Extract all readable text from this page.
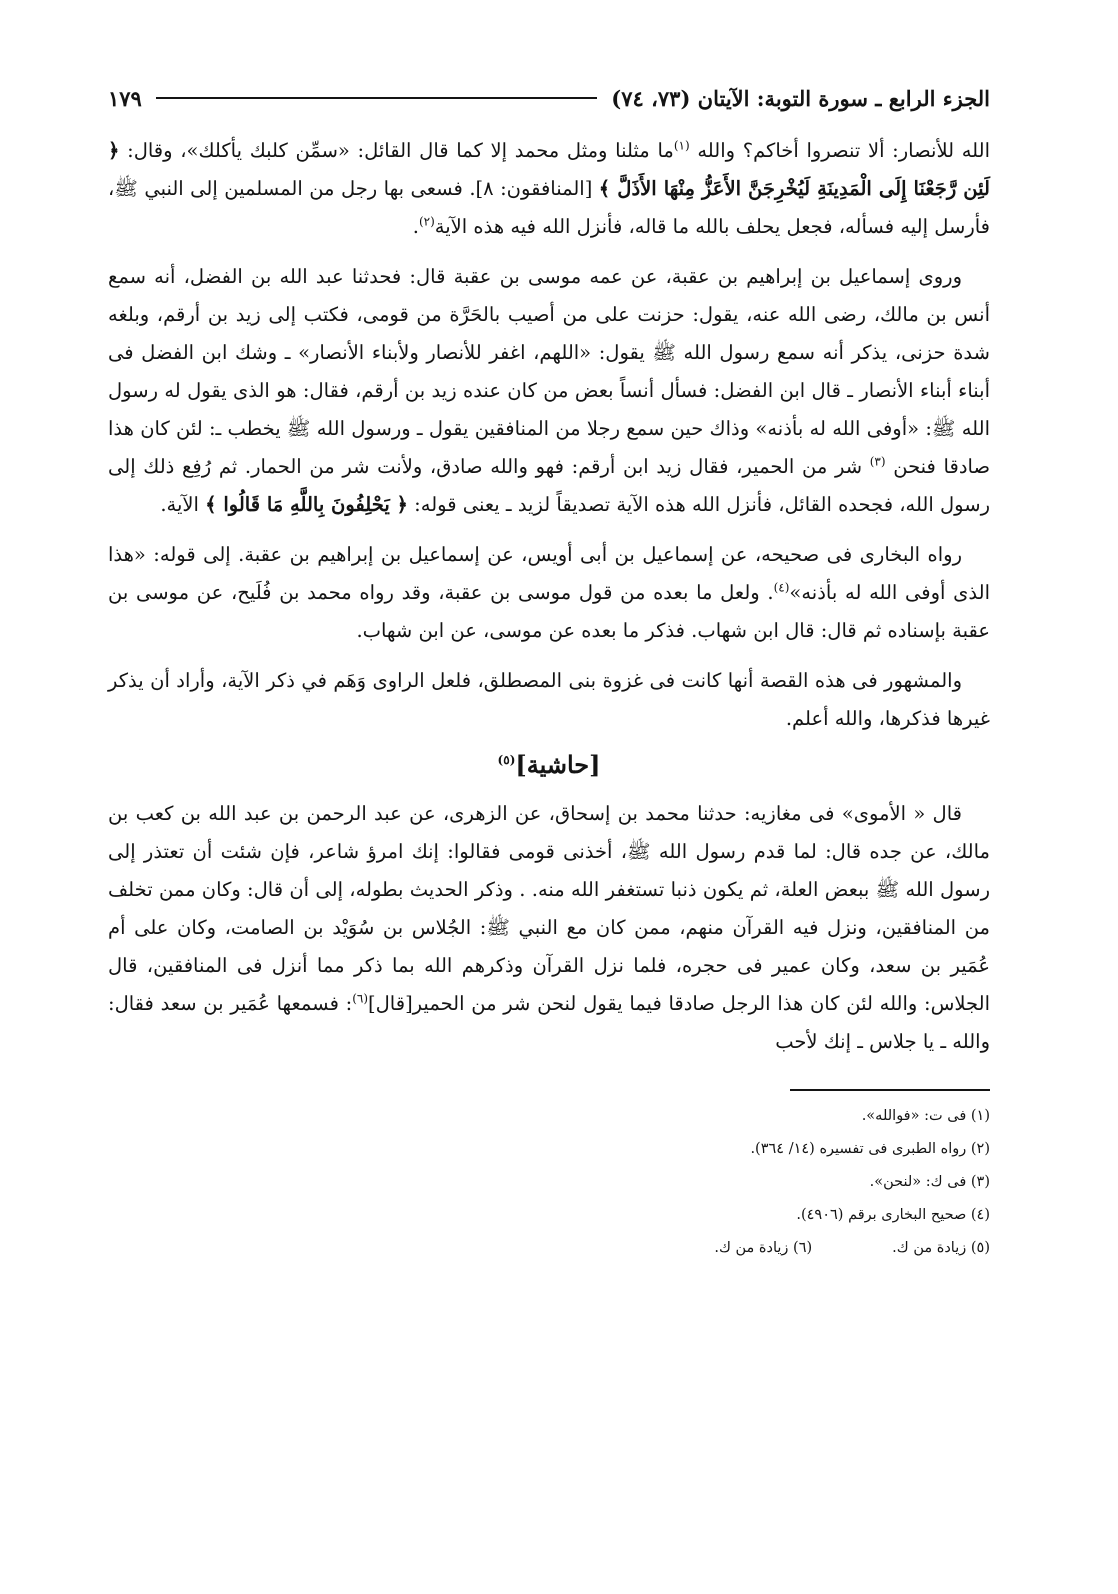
الجزء الرابع ـ سورة التوبة: الآيتان (٧٣، ٧٤)
١٧٩

الله للأنصار: ألا تنصروا أخاكم؟ والله $^{(١)}$ما مثلنا ومثل محمد إلا كما قال القائل: «سمِّن كلبك يأكلك»، وقال: ﴿ لَئِن رَّجَعْنَا إِلَى الْمَدِينَةِ لَيُخْرِجَنَّ الأَعَزُّ مِنْهَا الأَذَلَّ ﴾ [المنافقون: ٨]. فسعى بها رجل من المسلمين إلى النبي ﷺ، فأرسل إليه فسأله، فجعل يحلف بالله ما قاله، فأنزل الله فيه هذه الآية$^{(٢)}$.

وروى إسماعيل بن إبراهيم بن عقبة، عن عمه موسى بن عقبة قال: فحدثنا عبد الله بن الفضل، أنه سمع أنس بن مالك، رضى الله عنه، يقول: حزنت على من أصيب بالحَرَّة من قومى، فكتب إلى زيد بن أرقم، وبلغه شدة حزنى، يذكر أنه سمع رسول الله ﷺ يقول: «اللهم، اغفر للأنصار ولأبناء الأنصار» ـ وشك ابن الفضل فى أبناء أبناء الأنصار ـ قال ابن الفضل: فسأل أنساً بعض من كان عنده زيد بن أرقم، فقال: هو الذى يقول له رسول الله ﷺ: «أوفى الله له بأذنه» وذاك حين سمع رجلا من المنافقين يقول ـ ورسول الله ﷺ يخطب ـ: لئن كان هذا صادقا فنحن $^{(٣)}$ شر من الحمير، فقال زيد ابن أرقم: فهو والله صادق، ولأنت شر من الحمار. ثم رُفِع ذلك إلى رسول الله، فجحده القائل، فأنزل الله هذه الآية تصديقاً لزيد ـ يعنى قوله: ﴿ يَحْلِفُونَ بِاللَّهِ مَا قَالُوا ﴾ الآية.

رواه البخارى فى صحيحه، عن إسماعيل بن أبى أويس، عن إسماعيل بن إبراهيم بن عقبة. إلى قوله: «هذا الذى أوفى الله له بأذنه»$^{(٤)}$. ولعل ما بعده من قول موسى بن عقبة، وقد رواه محمد بن فُلَيح، عن موسى بن عقبة بإسناده ثم قال: قال ابن شهاب. فذكر ما بعده عن موسى، عن ابن شهاب.

والمشهور فى هذه القصة أنها كانت فى غزوة بنى المصطلق، فلعل الراوى وَهَم في ذكر الآية، وأراد أن يذكر غيرها فذكرها، والله أعلم.

[حاشية]$^{(٥)}$

قال « الأموى» فى مغازيه: حدثنا محمد بن إسحاق، عن الزهرى، عن عبد الرحمن بن عبد الله بن كعب بن مالك، عن جده قال: لما قدم رسول الله ﷺ، أخذنى قومى فقالوا: إنك امرؤ شاعر، فإن شئت أن تعتذر إلى رسول الله ﷺ ببعض العلة، ثم يكون ذنبا تستغفر الله منه. . وذكر الحديث بطوله، إلى أن قال: وكان ممن تخلف من المنافقين، ونزل فيه القرآن منهم، ممن كان مع النبي ﷺ: الجُلاس بن سُوَيْد بن الصامت، وكان على أم عُمَير بن سعد، وكان عمير فى حجره، فلما نزل القرآن وذكرهم الله بما ذكر مما أنزل فى المنافقين، قال الجلاس: والله لئن كان هذا الرجل صادقا فيما يقول لنحن شر من الحمير[قال]$^{(٦)}$: فسمعها عُمَير بن سعد فقال: والله ـ يا جلاس ـ إنك لأحب

(١) فى ت: «فوالله».
(٢) رواه الطبرى فى تفسيره (١٤/ ٣٦٤).
(٣) فى ك: «لنحن».
(٤) صحيح البخارى برقم (٤٩٠٦).
(٥) زيادة من ك.
(٦) زيادة من ك.
